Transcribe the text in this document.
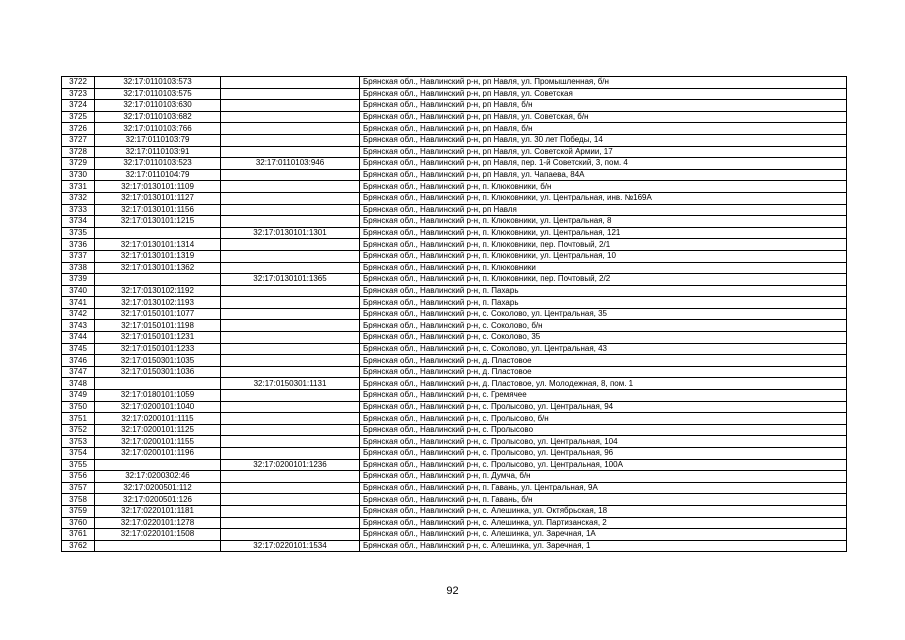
3722	32:17:0110103:573		Брянская обл., Навлинский р-н, рп Навля, ул. Промышленная, б/н
3723	32:17:0110103:575		Брянская обл., Навлинский р-н, рп Навля, ул. Советская
3724	32:17:0110103:630		Брянская обл., Навлинский р-н, рп Навля, б/н
3725	32:17:0110103:682		Брянская обл., Навлинский р-н, рп Навля, ул. Советская, б/н
3726	32:17:0110103:766		Брянская обл., Навлинский р-н, рп Навля, б/н
3727	32:17:0110103:79		Брянская обл., Навлинский р-н, рп Навля, ул. 30 лет Победы, 14
3728	32:17:0110103:91		Брянская обл., Навлинский р-н, рп Навля, ул. Советской Армии, 17
3729	32:17:0110103:523	32:17:0110103:946	Брянская обл., Навлинский р-н, рп Навля, пер. 1-й Советский, 3, пом. 4
3730	32:17:0110104:79		Брянская обл., Навлинский р-н, рп Навля, ул. Чапаева, 84А
3731	32:17:0130101:1109		Брянская обл., Навлинский р-н, п. Клюковники, б/н
3732	32:17:0130101:1127		Брянская обл., Навлинский р-н, п. Клюковники, ул. Центральная, инв. №169А
3733	32:17:0130101:1156		Брянская обл., Навлинский р-н, рп Навля
3734	32:17:0130101:1215		Брянская обл., Навлинский р-н, п. Клюковники, ул. Центральная, 8
3735		32:17:0130101:1301	Брянская обл., Навлинский р-н, п. Клюковники, ул. Центральная, 121
3736	32:17:0130101:1314		Брянская обл., Навлинский р-н, п. Клюковники, пер. Почтовый, 2/1
3737	32:17:0130101:1319		Брянская обл., Навлинский р-н, п. Клюковники, ул. Центральная, 10
3738	32:17:0130101:1362		Брянская обл., Навлинский р-н, п. Клюковники
3739		32:17:0130101:1365	Брянская обл., Навлинский р-н, п. Клюковники, пер. Почтовый, 2/2
3740	32:17:0130102:1192		Брянская обл., Навлинский р-н, п. Пахарь
3741	32:17:0130102:1193		Брянская обл., Навлинский р-н, п. Пахарь
3742	32:17:0150101:1077		Брянская обл., Навлинский р-н, с. Соколово, ул. Центральная, 35
3743	32:17:0150101:1198		Брянская обл., Навлинский р-н, с. Соколово, б/н
3744	32:17:0150101:1231		Брянская обл., Навлинский р-н, с. Соколово, 35
3745	32:17:0150101:1233		Брянская обл., Навлинский р-н, с. Соколово, ул. Центральная, 43
3746	32:17:0150301:1035		Брянская обл., Навлинский р-н, д. Пластовое
3747	32:17:0150301:1036		Брянская обл., Навлинский р-н, д. Пластовое
3748		32:17:0150301:1131	Брянская обл., Навлинский р-н, д. Пластовое, ул. Молодежная, 8, пом. 1
3749	32:17:0180101:1059		Брянская обл., Навлинский р-н, с. Гремячее
3750	32:17:0200101:1040		Брянская обл., Навлинский р-н, с. Пролысово, ул. Центральная, 94
3751	32:17:0200101:1115		Брянская обл., Навлинский р-н, с. Пролысово, б/н
3752	32:17:0200101:1125		Брянская обл., Навлинский р-н, с. Пролысово
3753	32:17:0200101:1155		Брянская обл., Навлинский р-н, с. Пролысово, ул. Центральная, 104
3754	32:17:0200101:1196		Брянская обл., Навлинский р-н, с. Пролысово, ул. Центральная, 96
3755		32:17:0200101:1236	Брянская обл., Навлинский р-н, с. Пролысово, ул. Центральная, 100А
3756	32:17:0200302:46		Брянская обл., Навлинский р-н, п. Думча, б/н
3757	32:17:0200501:112		Брянская обл., Навлинский р-н, п. Гавань, ул. Центральная, 9А
3758	32:17:0200501:126		Брянская обл., Навлинский р-н, п. Гавань, б/н
3759	32:17:0220101:1181		Брянская обл., Навлинский р-н, с. Алешинка, ул. Октябрьская, 18
3760	32:17:0220101:1278		Брянская обл., Навлинский р-н, с. Алешинка, ул. Партизанская, 2
3761	32:17:0220101:1508		Брянская обл., Навлинский р-н, с. Алешинка, ул. Заречная, 1А
3762		32:17:0220101:1534	Брянская обл., Навлинский р-н, с. Алешинка, ул. Заречная, 1
92
